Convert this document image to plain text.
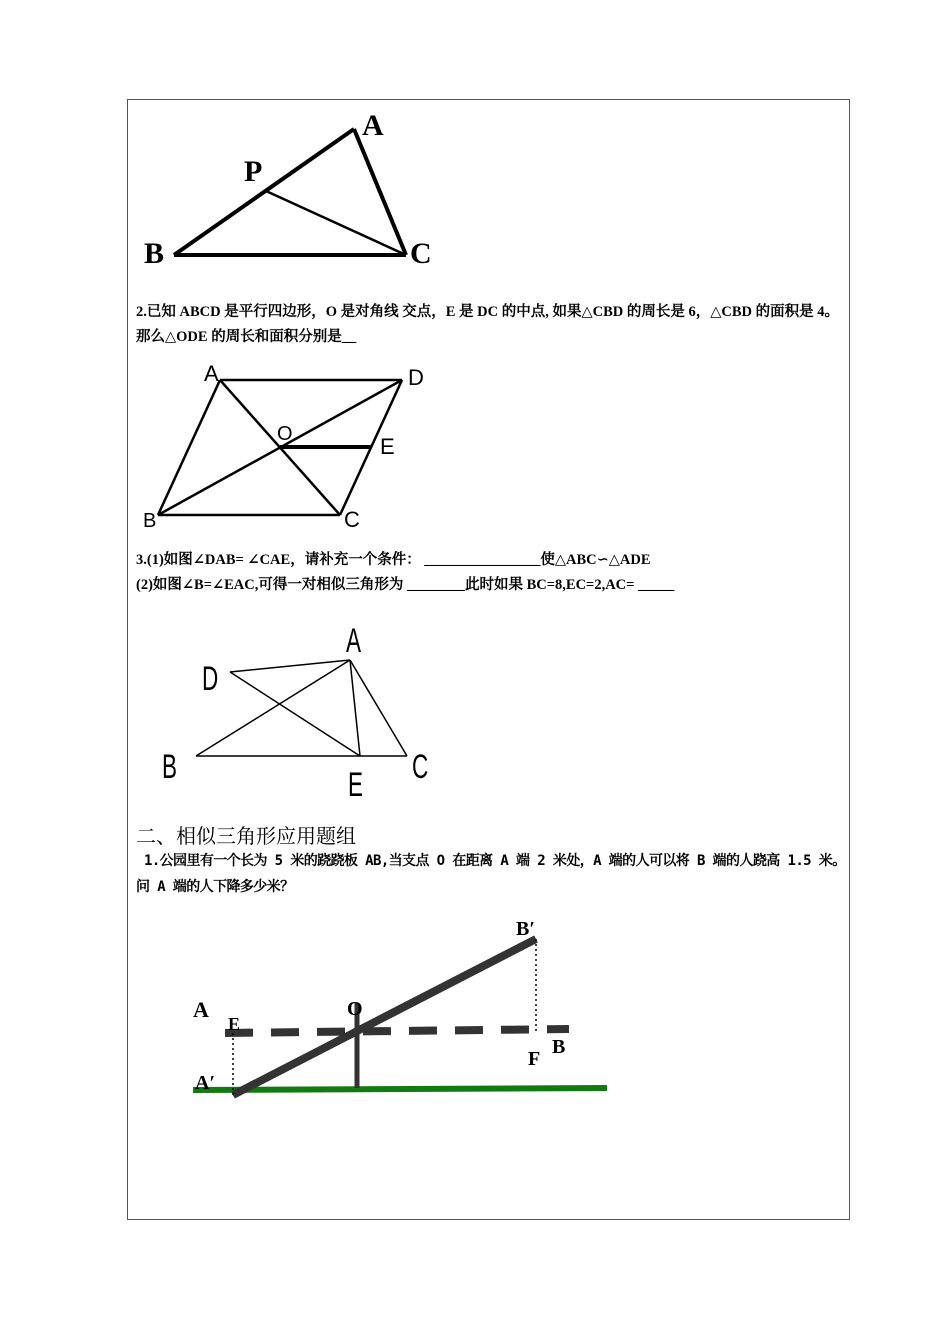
A
P
B	C
2.已知 ABCD 是平行四边形，O 是对角线 交点，E 是 DC 的中点, 如果△CBD 的周长是 6，△CBD 的面积是 4。那么△ODE 的周长和面积分别是__
A	D
O	E
B	C
3.(1)如图∠DAB= ∠CAE，请补充一个条件： ________________使△ABC∽△ADE
(2)如图∠B=∠EAC,可得一对相似三角形为 ________此时如果 BC=8,EC=2,AC= _____
A
D
B	E C
二、相似三角形应用题组
1.公园里有一个长为 5 米的跷跷板 AB,当支点 O 在距离 A 端 2 米处，A 端的人可以将 B 端的人跷高 1.5 米。问 A 端的人下降多少米？
B′
A
E
O
F
B
A′
